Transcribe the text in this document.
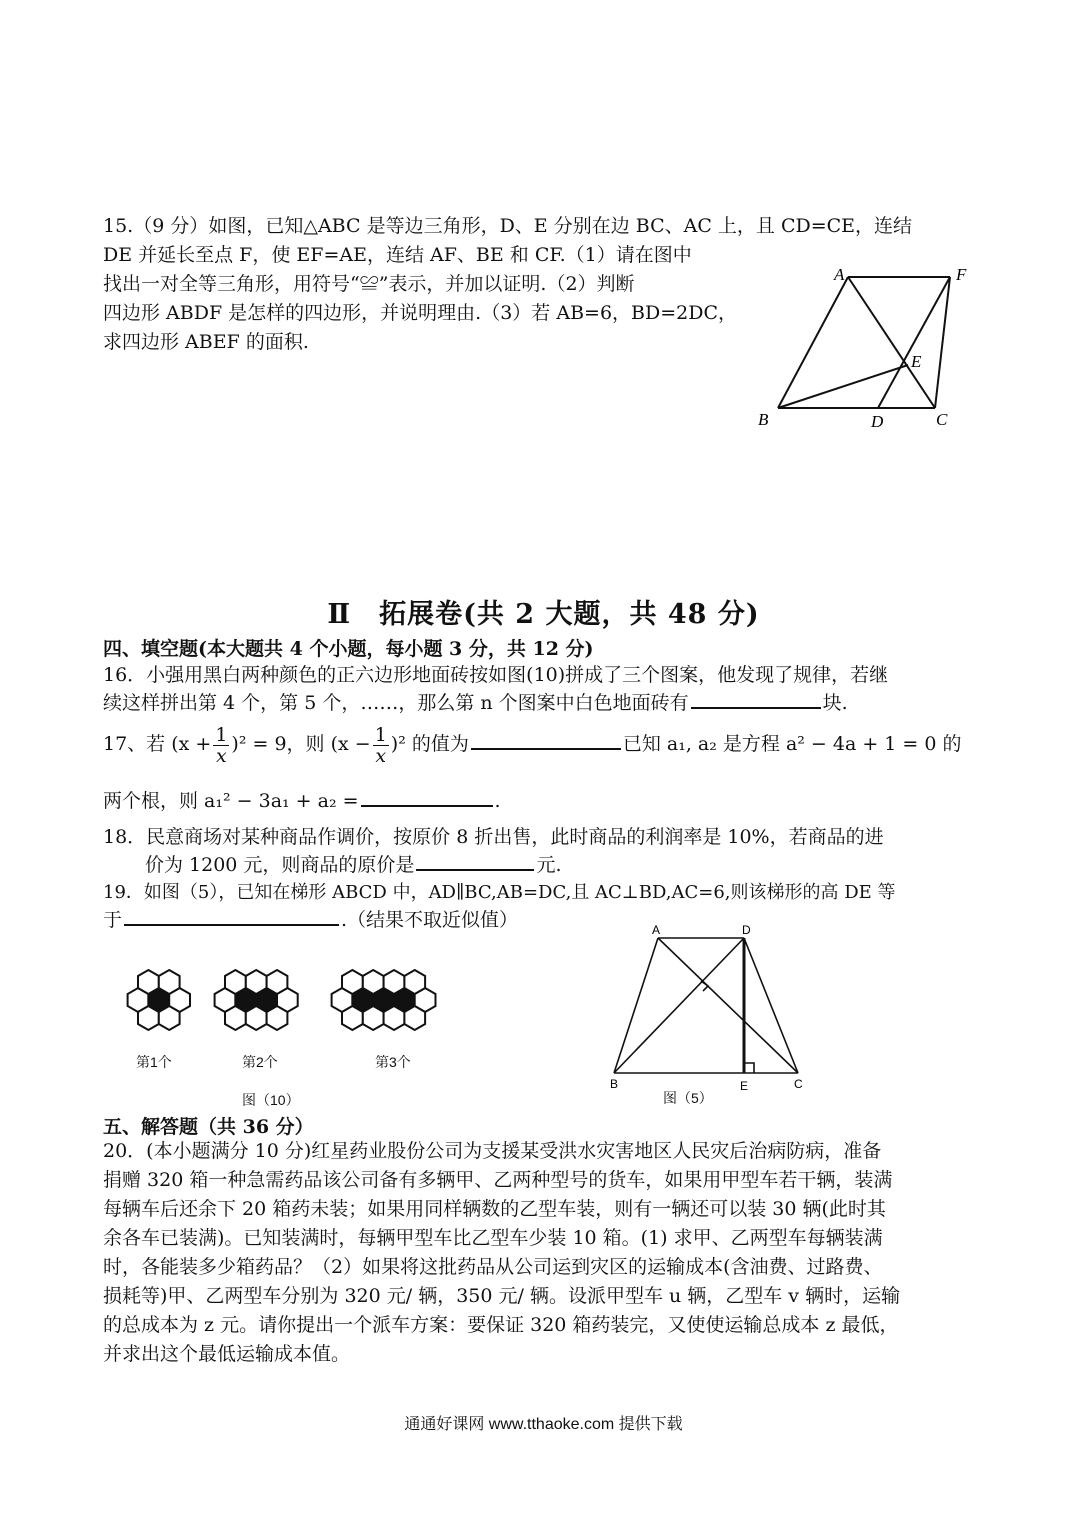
15.（9 分）如图，已知△ABC 是等边三角形，D、E 分别在边 BC、AC 上，且 CD=CE，连结
DE 并延长至点 F，使 EF=AE，连结 AF、BE 和 CF.（1）请在图中
找出一对全等三角形，用符号“≌”表示，并加以证明.（2）判断
四边形 ABDF 是怎样的四边形，并说明理由.（3）若 AB=6，BD=2DC，
求四边形 ABEF 的面积.
A	F
E
B	D	C
Ⅱ　拓展卷(共 2 大题，共 48 分)
四、填空题(本大题共 4 个小题，每小题 3 分，共 12 分)
16．小强用黑白两种颜色的正六边形地面砖按如图(10)拼成了三个图案，他发现了规律，若继
续这样拼出第 4 个，第 5 个，……，那么第 n 个图案中白色地面砖有	块.
17、若 $(x + \frac{1}{x} )^2 = 9$，则 $(x - \frac{1}{x} )^2$ 的值为	已知 a₁, a₂ 是方程 a² − 4a + 1 = 0 的
两个根，则 a₁² − 3a₁ + a₂ =	.
18．民意商场对某种商品作调价，按原价 8 折出售，此时商品的利润率是 10%，若商品的进
价为 1200 元，则商品的原价是	元.
19．如图（5），已知在梯形 ABCD 中，AD∥BC,AB=DC,且 AC⊥BD,AC=6,则该梯形的高 DE 等
于	.（结果不取近似值）
第1个	第2个	第3个
图（10）
A	D
B	E	C
图（5）
五、解答题（共 36 分）
20．(本小题满分 10 分)红星药业股份公司为支援某受洪水灾害地区人民灾后治病防病，准备
捐赠 320 箱一种急需药品该公司备有多辆甲、乙两种型号的货车，如果用甲型车若干辆，装满
每辆车后还余下 20 箱药未装；如果用同样辆数的乙型车装，则有一辆还可以装 30 辆(此时其
余各车已装满)。已知装满时，每辆甲型车比乙型车少装 10 箱。(1) 求甲、乙两型车每辆装满
时，各能装多少箱药品？（2）如果将这批药品从公司运到灾区的运输成本(含油费、过路费、
损耗等)甲、乙两型车分别为 320 元/ 辆，350 元/ 辆。设派甲型车 u 辆，乙型车 v 辆时，运输
的总成本为 z 元。请你提出一个派车方案：要保证 320 箱药装完，又使使运输总成本 z 最低，
并求出这个最低运输成本值。
通通好课网 www.tthaoke.com 提供下载
